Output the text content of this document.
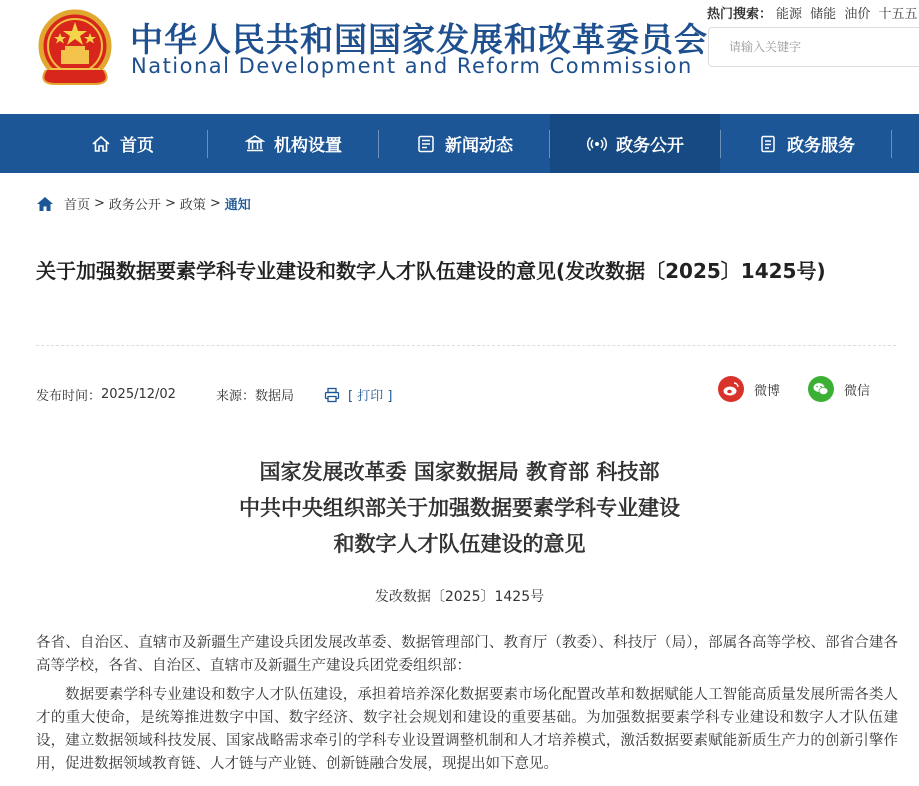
中华人民共和国国家发展和改革委员会
National Development and Reform Commission
热门搜索： 能源 储能 油价 十五五
请输入关键字
首页	机构设置	新闻动态	政务公开	政务服务
首页 > 政务公开 > 政策 > 通知
关于加强数据要素学科专业建设和数字人才队伍建设的意见(发改数据〔2025〕1425号)
发布时间： 2025/12/02	来源： 数据局	[ 打印 ]	微博	微信
国家发展改革委 国家数据局 教育部 科技部
中共中央组织部关于加强数据要素学科专业建设
和数字人才队伍建设的意见
发改数据〔2025〕1425号
各省、自治区、直辖市及新疆生产建设兵团发展改革委、数据管理部门、教育厅（教委）、科技厅（局），部属各高等学校、部省合建各高等学校，各省、自治区、直辖市及新疆生产建设兵团党委组织部：
数据要素学科专业建设和数字人才队伍建设，承担着培养深化数据要素市场化配置改革和数据赋能人工智能高质量发展所需各类人才的重大使命，是统筹推进数字中国、数字经济、数字社会规划和建设的重要基础。为加强数据要素学科专业建设和数字人才队伍建设，建立数据领域科技发展、国家战略需求牵引的学科专业设置调整机制和人才培养模式，激活数据要素赋能新质生产力的创新引擎作用，促进数据领域教育链、人才链与产业链、创新链融合发展，现提出如下意见。
